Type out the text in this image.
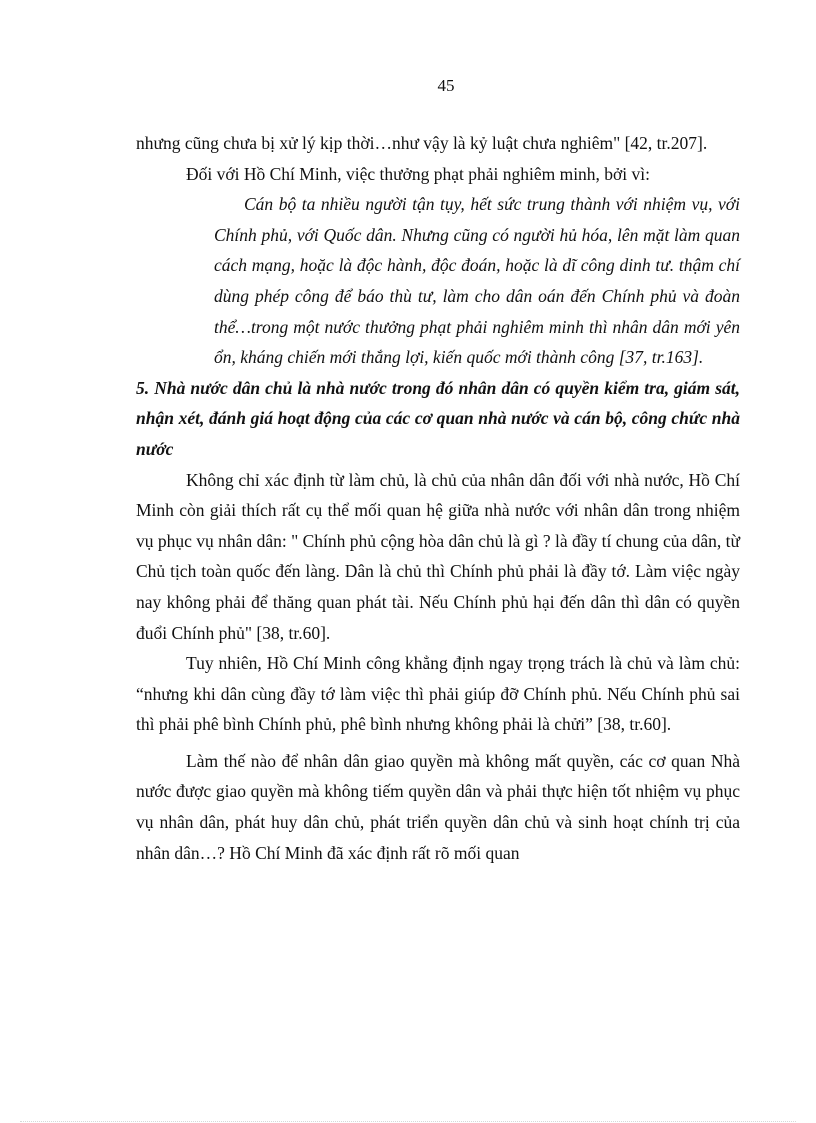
45

nhưng cũng chưa bị xử lý kịp thời…như vậy là kỷ luật chưa nghiêm" [42, tr.207].

Đối với Hồ Chí Minh, việc thưởng phạt phải nghiêm minh, bởi vì:

Cán bộ ta nhiều người tận tụy, hết sức trung thành với nhiệm vụ, với Chính phủ, với Quốc dân. Nhưng cũng có người hủ hóa, lên mặt làm quan cách mạng, hoặc là độc hành, độc đoán, hoặc là dĩ công dinh tư. thậm chí dùng phép công để báo thù tư, làm cho dân oán đến Chính phủ và đoàn thể…trong một nước thưởng phạt phải nghiêm minh thì nhân dân mới yên ổn, kháng chiến mới thắng lợi, kiến quốc mới thành công [37, tr.163].

5. Nhà nước dân chủ là nhà nước trong đó nhân dân có quyền kiểm tra, giám sát, nhận xét, đánh giá hoạt động của các cơ quan nhà nước và cán bộ, công chức nhà nước

Không chỉ xác định từ làm chủ, là chủ của nhân dân đối với nhà nước, Hồ Chí Minh còn giải thích rất cụ thể mối quan hệ giữa nhà nước với nhân dân trong nhiệm vụ phục vụ nhân dân: " Chính phủ cộng hòa dân chủ là gì ? là đầy tí chung của dân, từ Chủ tịch toàn quốc đến làng. Dân là chủ thì Chính phủ phải là đầy tớ. Làm việc ngày nay không phải để thăng quan phát tài. Nếu Chính phủ hại đến dân thì dân có quyền đuổi Chính phủ" [38, tr.60].

Tuy nhiên, Hồ Chí Minh công khẳng định ngay trọng trách là chủ và làm chủ: “nhưng khi dân cùng đầy tớ làm việc thì phải giúp đỡ Chính phủ. Nếu Chính phủ sai thì phải phê bình Chính phủ, phê bình nhưng không phải là chửi” [38, tr.60].

Làm thế nào để nhân dân giao quyền mà không mất quyền, các cơ quan Nhà nước được giao quyền mà không tiếm quyền dân và phải thực hiện tốt nhiệm vụ phục vụ nhân dân, phát huy dân chủ, phát triển quyền dân chủ và sinh hoạt chính trị của nhân dân…? Hồ Chí Minh đã xác định rất rõ mối quan
